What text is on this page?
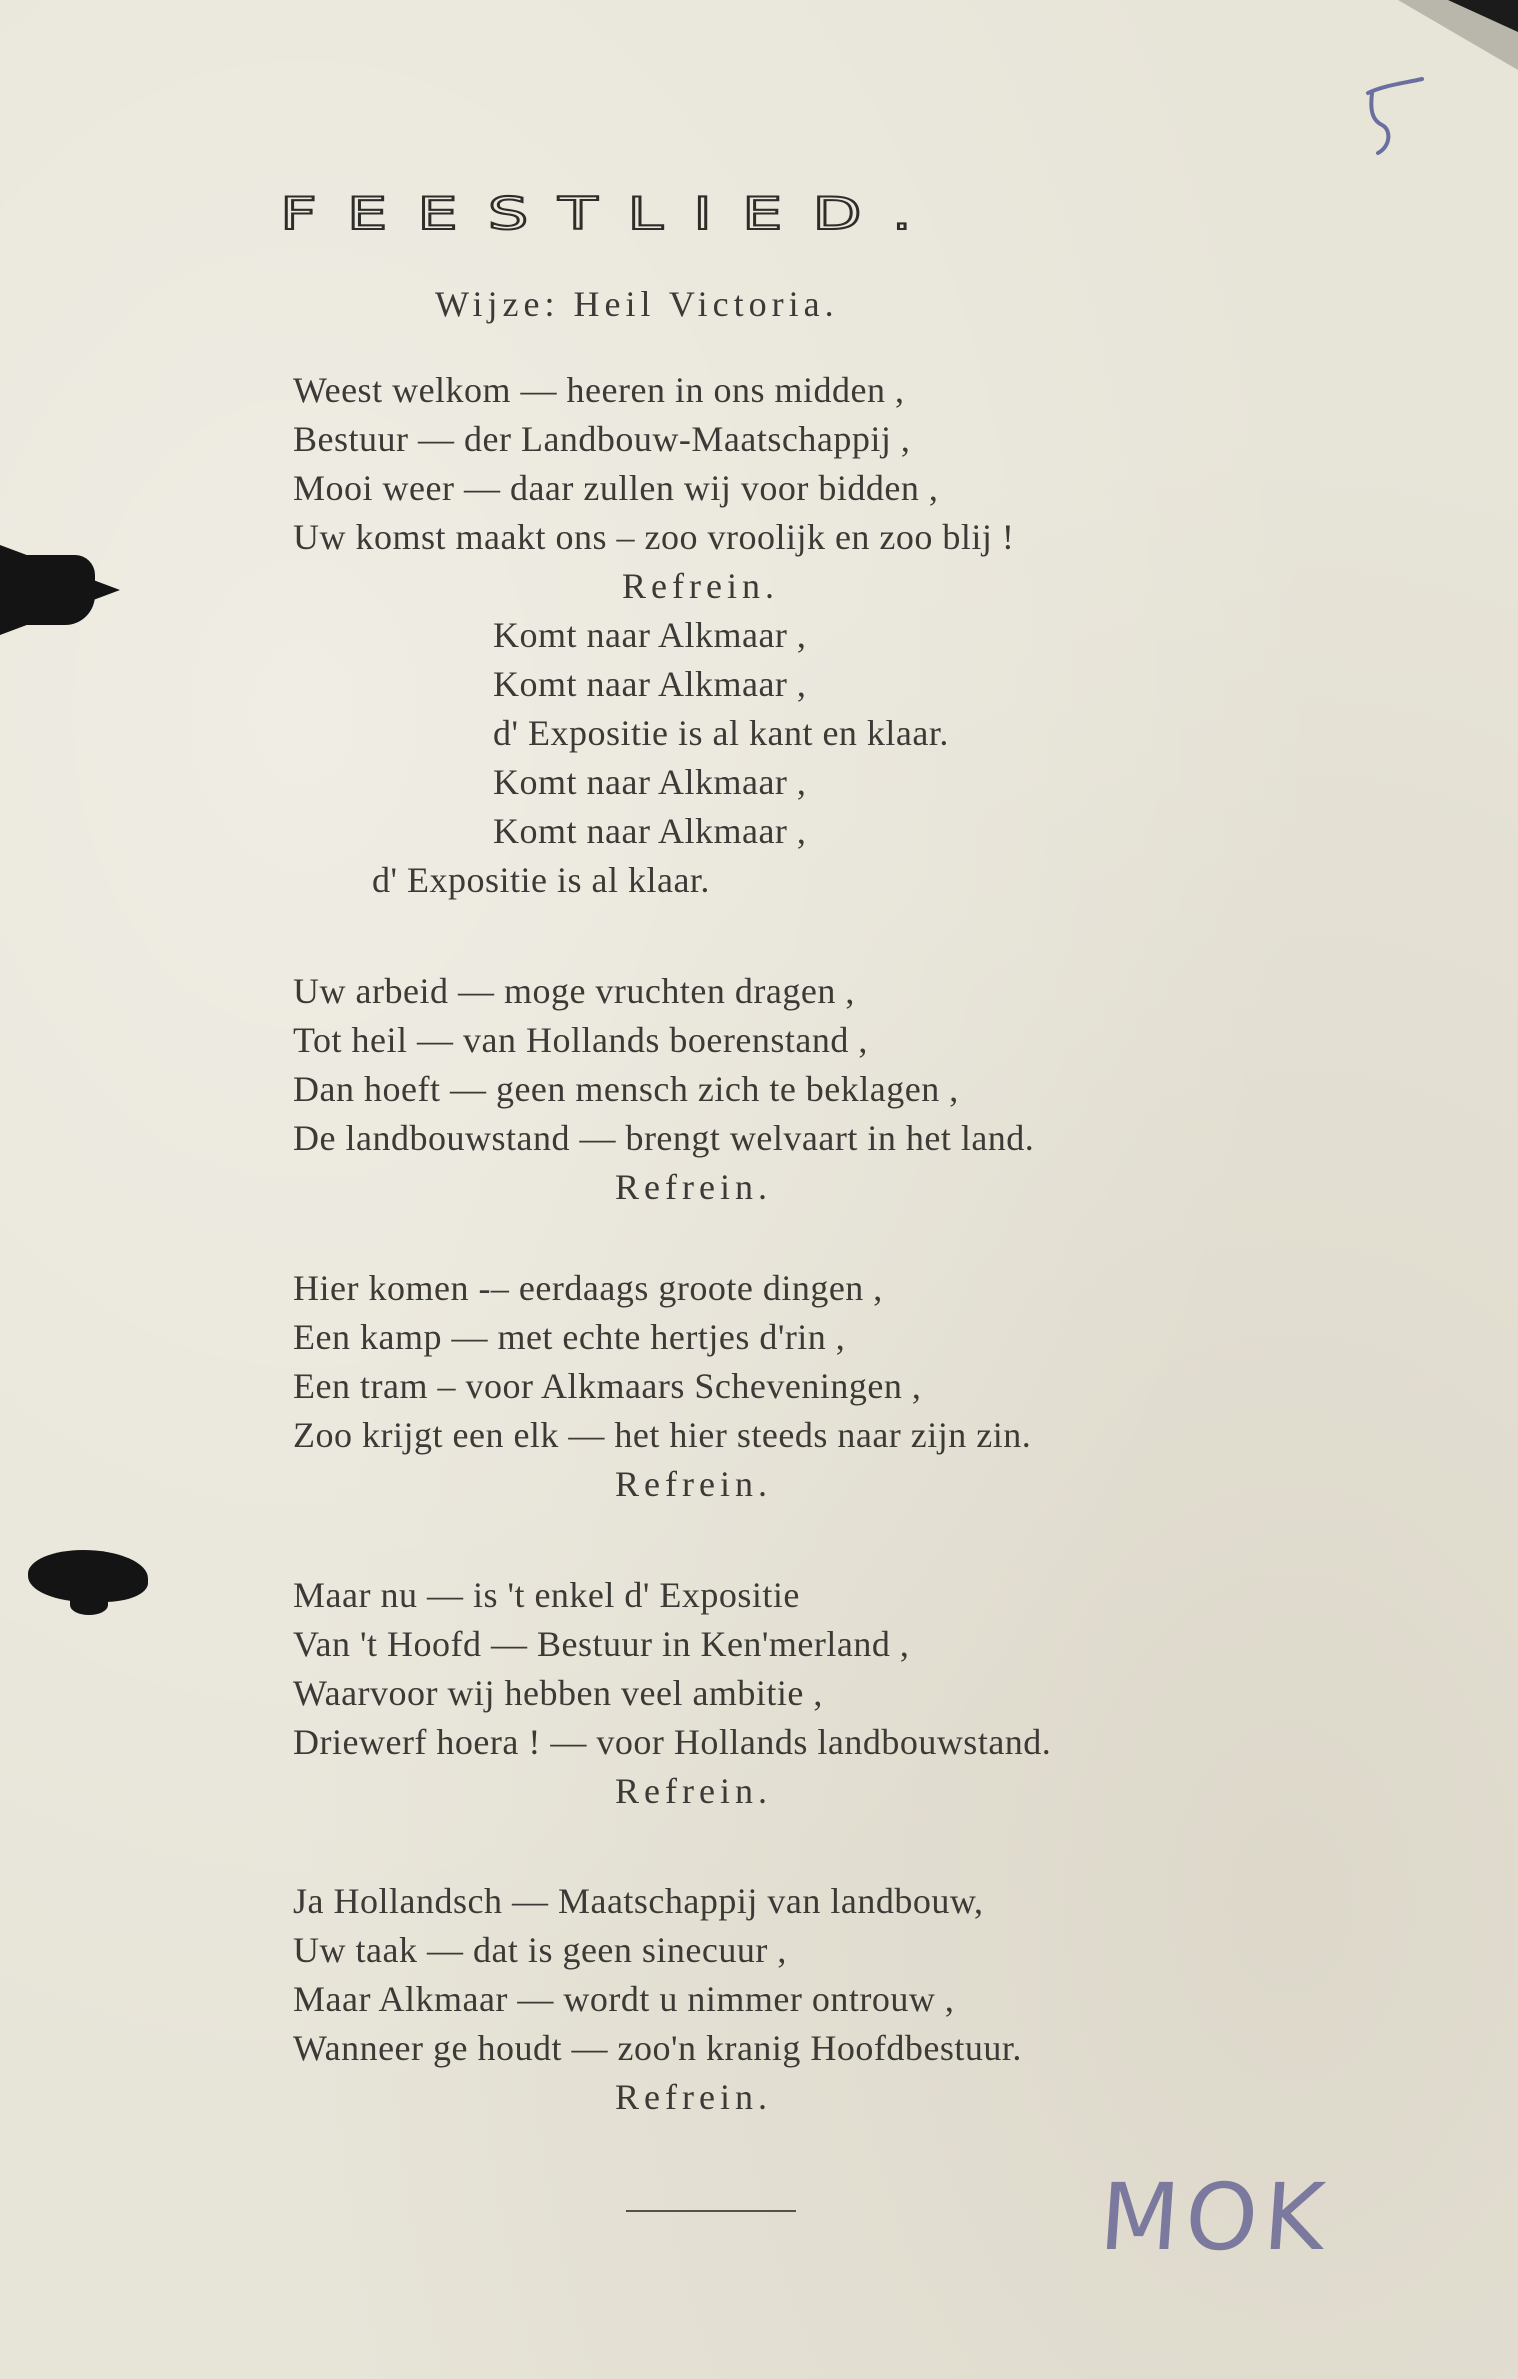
FEESTLIED.
Wijze: Heil Victoria.
Weest welkom — heeren in ons midden ,
Bestuur — der Landbouw-Maatschappij ,
Mooi weer — daar zullen wij voor bidden ,
Uw komst maakt ons – zoo vroolijk en zoo blij !
Refrein.
Komt naar Alkmaar ,
Komt naar Alkmaar ,
d' Expositie is al kant en klaar.
Komt naar Alkmaar ,
Komt naar Alkmaar ,
d' Expositie is al klaar.
Uw arbeid — moge vruchten dragen ,
Tot heil — van Hollands boerenstand ,
Dan hoeft — geen mensch zich te beklagen ,
De landbouwstand — brengt welvaart in het land.
Refrein.
Hier komen -– eerdaags groote dingen ,
Een kamp — met echte hertjes d'rin ,
Een tram – voor Alkmaars Scheveningen ,
Zoo krijgt een elk — het hier steeds naar zijn zin.
Refrein.
Maar nu — is 't enkel d' Expositie
Van 't Hoofd — Bestuur in Ken'merland ,
Waarvoor wij hebben veel ambitie ,
Driewerf hoera ! — voor Hollands landbouwstand.
Refrein.
Ja Hollandsch — Maatschappij van landbouw,
Uw taak — dat is geen sinecuur ,
Maar Alkmaar — wordt u nimmer ontrouw ,
Wanneer ge houdt — zoo'n kranig Hoofdbestuur.
Refrein.
MOK
